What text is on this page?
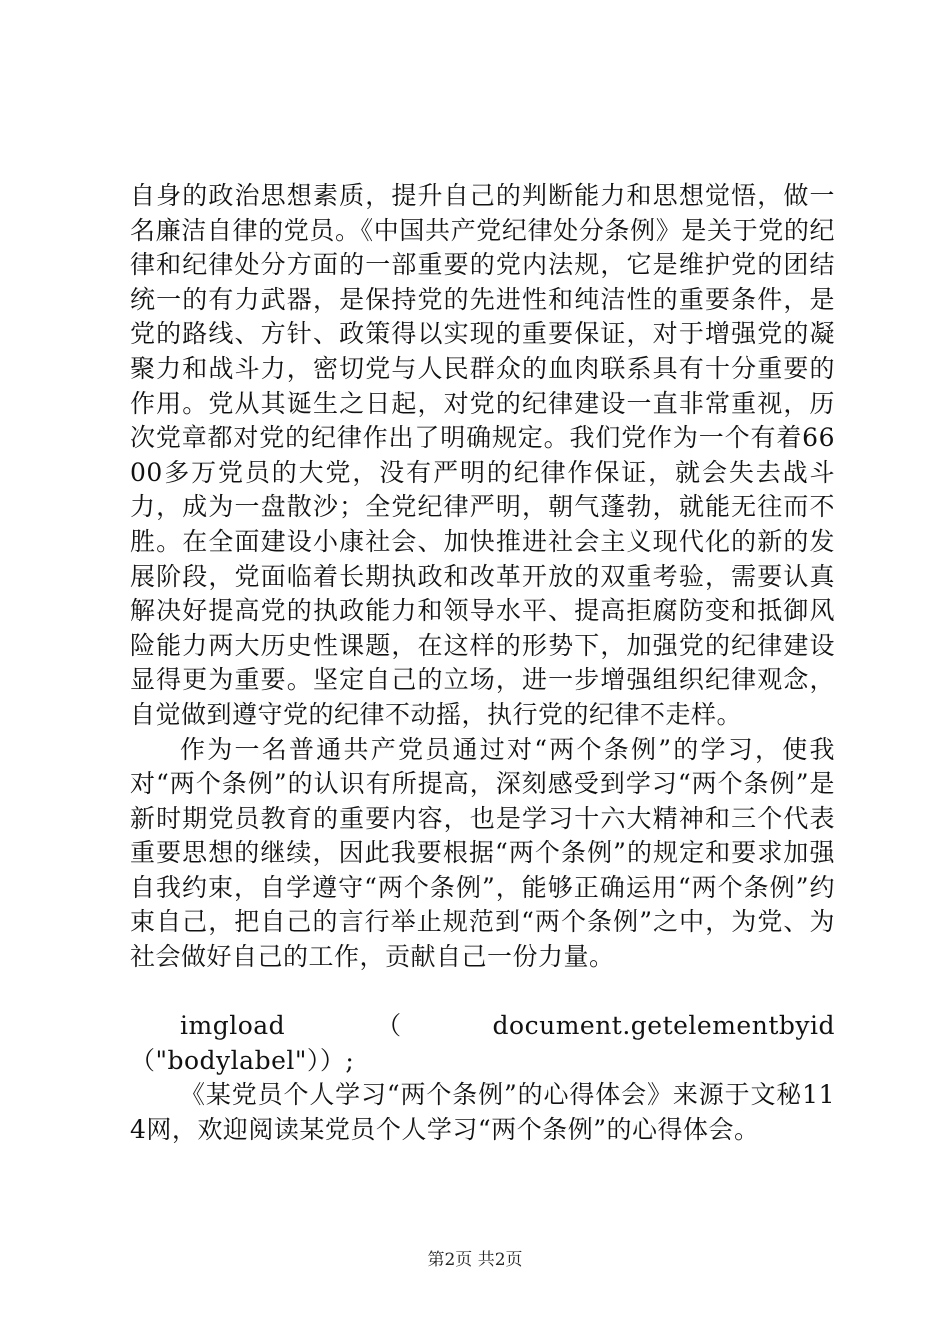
自身的政治思想素质，提升自己的判断能力和思想觉悟，做一名廉洁自律的党员。《中国共产党纪律处分条例》是关于党的纪律和纪律处分方面的一部重要的党内法规，它是维护党的团结统一的有力武器，是保持党的先进性和纯洁性的重要条件，是党的路线、方针、政策得以实现的重要保证，对于增强党的凝聚力和战斗力，密切党与人民群众的血肉联系具有十分重要的作用。党从其诞生之日起，对党的纪律建设一直非常重视，历次党章都对党的纪律作出了明确规定。我们党作为一个有着6600多万党员的大党，没有严明的纪律作保证，就会失去战斗力，成为一盘散沙；全党纪律严明，朝气蓬勃，就能无往而不胜。在全面建设小康社会、加快推进社会主义现代化的新的发展阶段，党面临着长期执政和改革开放的双重考验，需要认真解决好提高党的执政能力和领导水平、提高拒腐防变和抵御风险能力两大历史性课题，在这样的形势下，加强党的纪律建设显得更为重要。坚定自己的立场，进一步增强组织纪律观念，自觉做到遵守党的纪律不动摇，执行党的纪律不走样。

作为一名普通共产党员通过对“两个条例”的学习，使我对“两个条例”的认识有所提高，深刻感受到学习“两个条例”是新时期党员教育的重要内容，也是学习十六大精神和三个代表重要思想的继续，因此我要根据“两个条例”的规定和要求加强自我约束，自学遵守“两个条例”，能够正确运用“两个条例”约束自己，把自己的言行举止规范到“两个条例”之中，为党、为社会做好自己的工作，贡献自己一份力量。

imgload（document.getelementbyid（"bodylabel"））;

《某党员个人学习“两个条例”的心得体会》来源于文秘114网，欢迎阅读某党员个人学习“两个条例”的心得体会。

第2页 共2页
